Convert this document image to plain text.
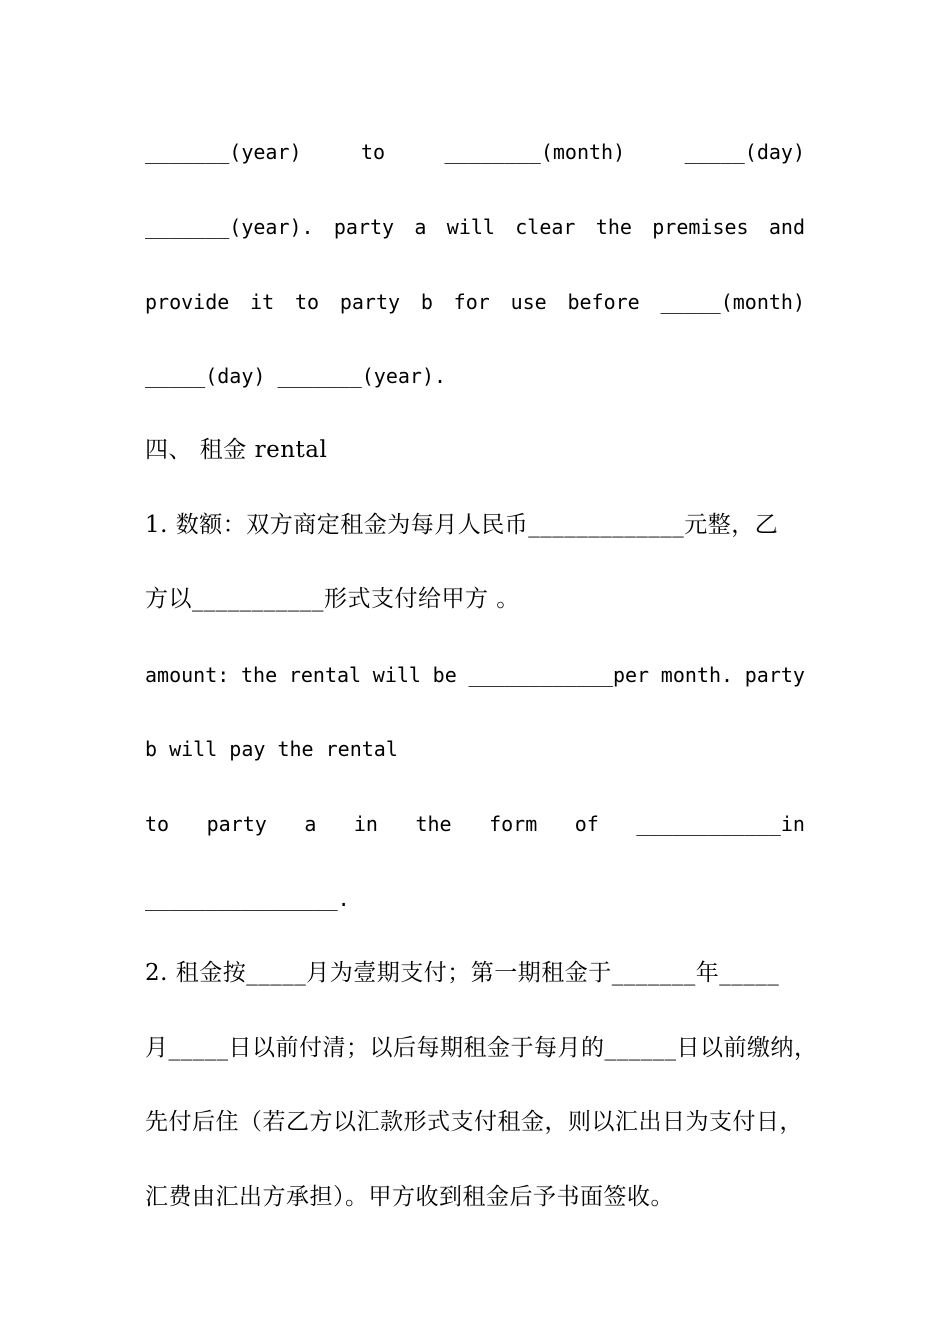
_______(year)	to	________(month)	_____(day)
_______(year). party a will clear the premises and
provide it to party b for use before _____(month)
_____(day) _______(year).
四、 租金 rental
1. 数额：双方商定租金为每月人民币_____________元整，乙
方以___________形式支付给甲方 。
amount: the rental will be ____________per month. party
b will pay the rental
to party a in the form of ____________in
________________.
2. 租金按_____月为壹期支付；第一期租金于_______年_____
月_____日以前付清；以后每期租金于每月的______日以前缴纳，
先付后住（若乙方以汇款形式支付租金，则以汇出日为支付日，
汇费由汇出方承担）。甲方收到租金后予书面签收。
